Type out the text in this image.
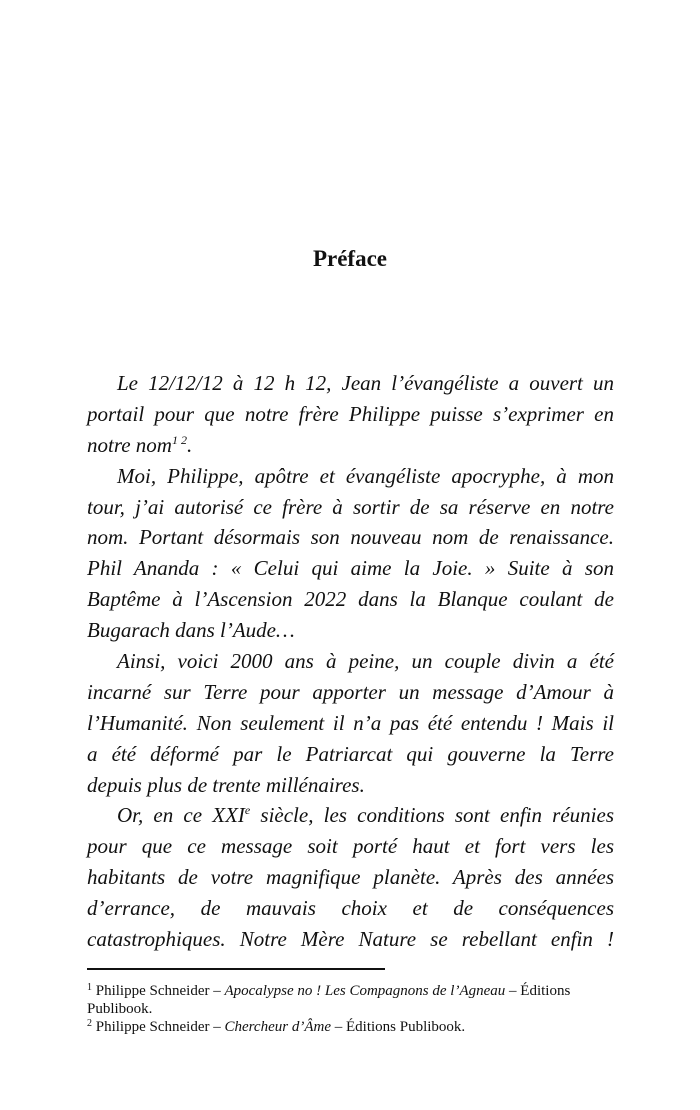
Préface
Le 12/12/12 à 12 h 12, Jean l’évangéliste a ouvert un
portail pour que notre frère Philippe puisse s’exprimer en
notre nom$^{1 2}$.
Moi, Philippe, apôtre et évangéliste apocryphe, à mon
tour, j’ai autorisé ce frère à sortir de sa réserve en notre
nom. Portant désormais son nouveau nom de renaissance.
Phil Ananda : « Celui qui aime la Joie. » Suite à son
Baptême à l’Ascension 2022 dans la Blanque coulant de
Bugarach dans l’Aude…
Ainsi, voici 2000 ans à peine, un couple divin a été
incarné sur Terre pour apporter un message d’Amour à
l’Humanité. Non seulement il n’a pas été entendu ! Mais il
a été déformé par le Patriarcat qui gouverne la Terre
depuis plus de trente millénaires.
Or, en ce XXIe siècle, les conditions sont enfin réunies
pour que ce message soit porté haut et fort vers les
habitants de votre magnifique planète. Après des années
d’errance, de mauvais choix et de conséquences
catastrophiques. Notre Mère Nature se rebellant enfin !
$^1$ Philippe Schneider – Apocalypse no ! Les Compagnons de l’Agneau – Éditions Publibook.
$^2$ Philippe Schneider – Chercheur d’Âme – Éditions Publibook.
